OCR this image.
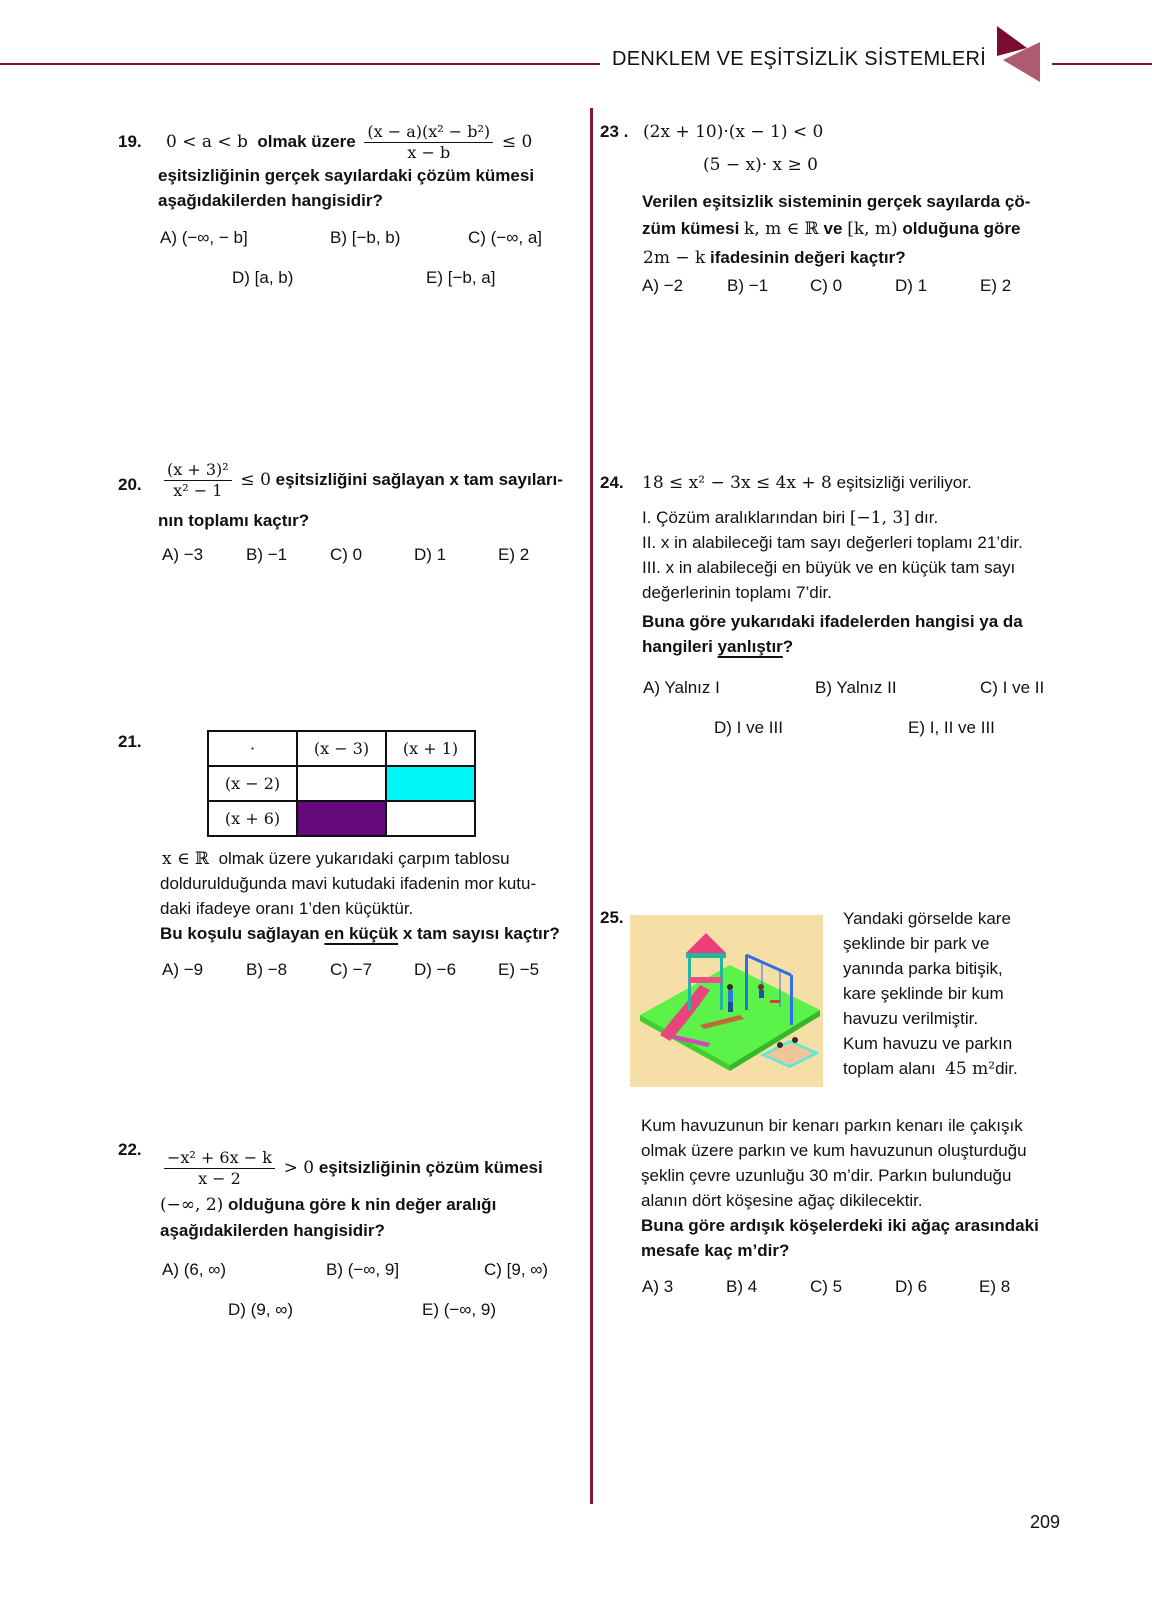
DENKLEM VE EŞİTSİZLİK SİSTEMLERİ
19. 0 < a < b olmak üzere $\frac{\text{(x − a)(x² − b²)}}{x - b} \le 0$
eşitsizliğinin gerçek sayılardaki çözüm kümesi aşağıdakilerden hangisidir?
A) (−∞, − b]	B) [−b, b)	C) (−∞, a]
D) [a, b)	E) [−b, a]
20. $\frac{\text{(x + 3)²}}{\text{x² − 1}} \le 0$ eşitsizliğini sağlayan x tam sayıları-
nın toplamı kaçtır?
A) −3	B) −1	C) 0	D) 1	E) 2
21.	·	(x − 3)	(x + 1)
(x − 2)		
(x + 6)		
x ∈ ℝ olmak üzere yukarıdaki çarpım tablosu
doldurulduğunda mavi kutudaki ifadenin mor kutu-
daki ifadeye oranı 1’den küçüktür.
Bu koşulu sağlayan en küçük x tam sayısı kaçtır?
A) −9	B) −8	C) −7 D) −6 E) −5
22. $\frac{\text{−x² + 6x − k}}{x - 2} > 0$ eşitsizliğinin çözüm kümesi
(−∞, 2) olduğuna göre k nin değer aralığı
aşağıdakilerden hangisidir?
A) (6, ∞)	B) (−∞, 9]	C) [9, ∞)
D) (9, ∞)	E) (−∞, 9)
23 . (2x + 10)·(x − 1) < 0
(5 − x)· x ≥ 0
Verilen eşitsizlik sisteminin gerçek sayılarda çö-
züm kümesi k, m ∈ ℝ ve [k, m) olduğuna göre
2m − k ifadesinin değeri kaçtır?
A) −2	B) −1 C) 0	D) 1	E) 2
24. 18 ≤ x² − 3x ≤ 4x + 8 eşitsizliği veriliyor.
I. Çözüm aralıklarından biri [−1, 3] dır.
II. x in alabileceği tam sayı değerleri toplamı 21’dir.
III. x in alabileceği en büyük ve en küçük tam sayı
değerlerinin toplamı 7’dir.
Buna göre yukarıdaki ifadelerden hangisi ya da
hangileri yanlıştır?
A) Yalnız I	B) Yalnız II	C) I ve II
D) I ve III	E) I, II ve III
25.	Yandaki görselde kare
şeklinde bir park ve
yanında parka bitişik,
kare şeklinde bir kum
havuzu verilmiştir.
Kum havuzu ve parkın
toplam alanı 45 m²dir.
Kum havuzunun bir kenarı parkın kenarı ile çakışık
olmak üzere parkın ve kum havuzunun oluşturduğu
şeklin çevre uzunluğu 30 m’dir. Parkın bulunduğu
alanın dört köşesine ağaç dikilecektir.
Buna göre ardışık köşelerdeki iki ağaç arasındaki
mesafe kaç m’dir?
A) 3	B) 4	C) 5	D) 6	E) 8
209
